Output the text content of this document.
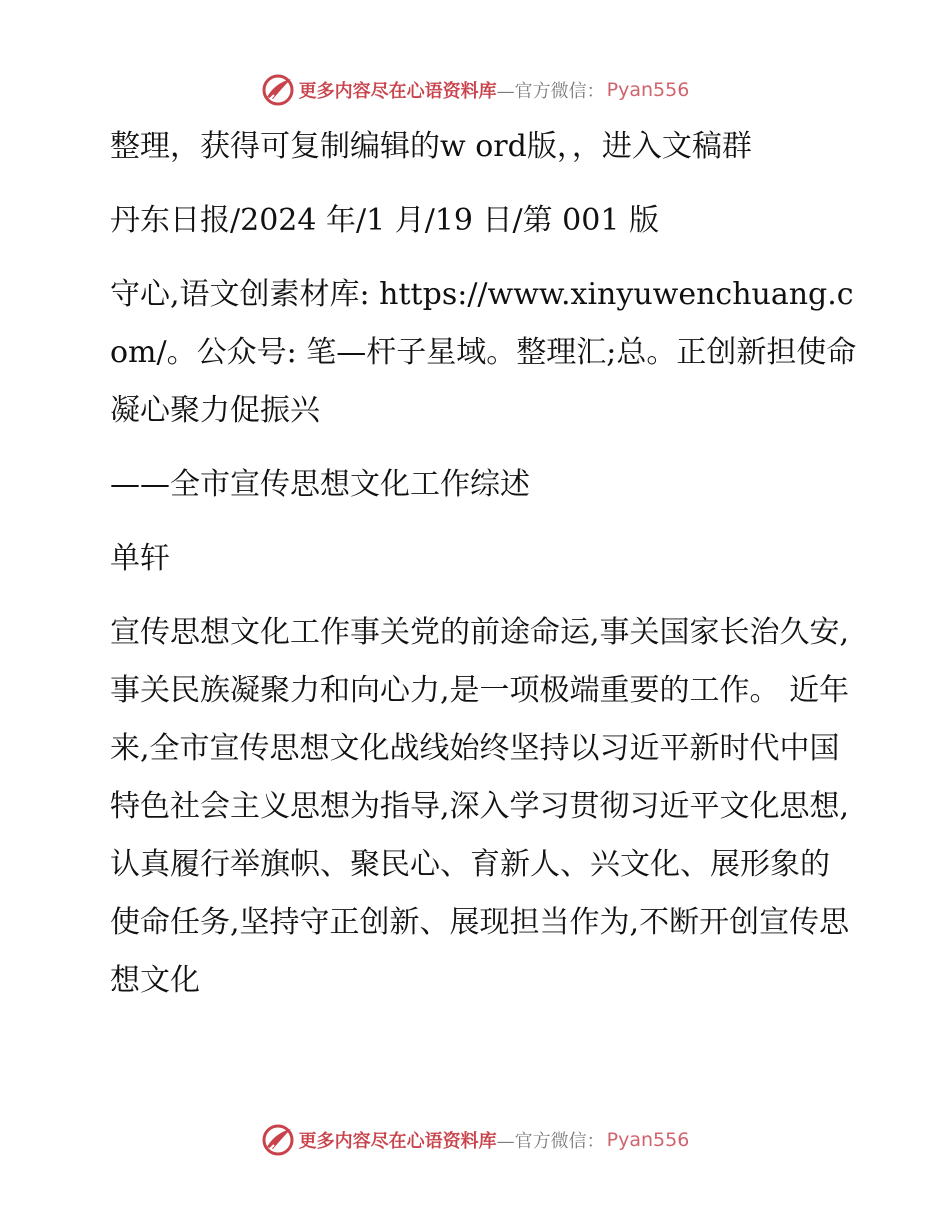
更多内容尽在心语资料库 —官方微信： Pyan556

整理，获得可复制编辑的w ord版，，进入文稿群

丹东日报/2024 年/1 月/19 日/第 001 版

守心,语文创素材库: https://www.xinyuwenchuang.com/。公众号: 笔—杆子星域。整理汇;总。正创新担使命　凝心聚力促振兴

——全市宣传思想文化工作综述

单轩

宣传思想文化工作事关党的前途命运,事关国家长治久安,事关民族凝聚力和向心力,是一项极端重要的工作。 近年来,全市宣传思想文化战线始终坚持以习近平新时代中国特色社会主义思想为指导,深入学习贯彻习近平文化思想,认真履行举旗帜、聚民心、育新人、兴文化、展形象的使命任务,坚持守正创新、展现担当作为,不断开创宣传思想文化

更多内容尽在心语资料库 —官方微信： Pyan556
